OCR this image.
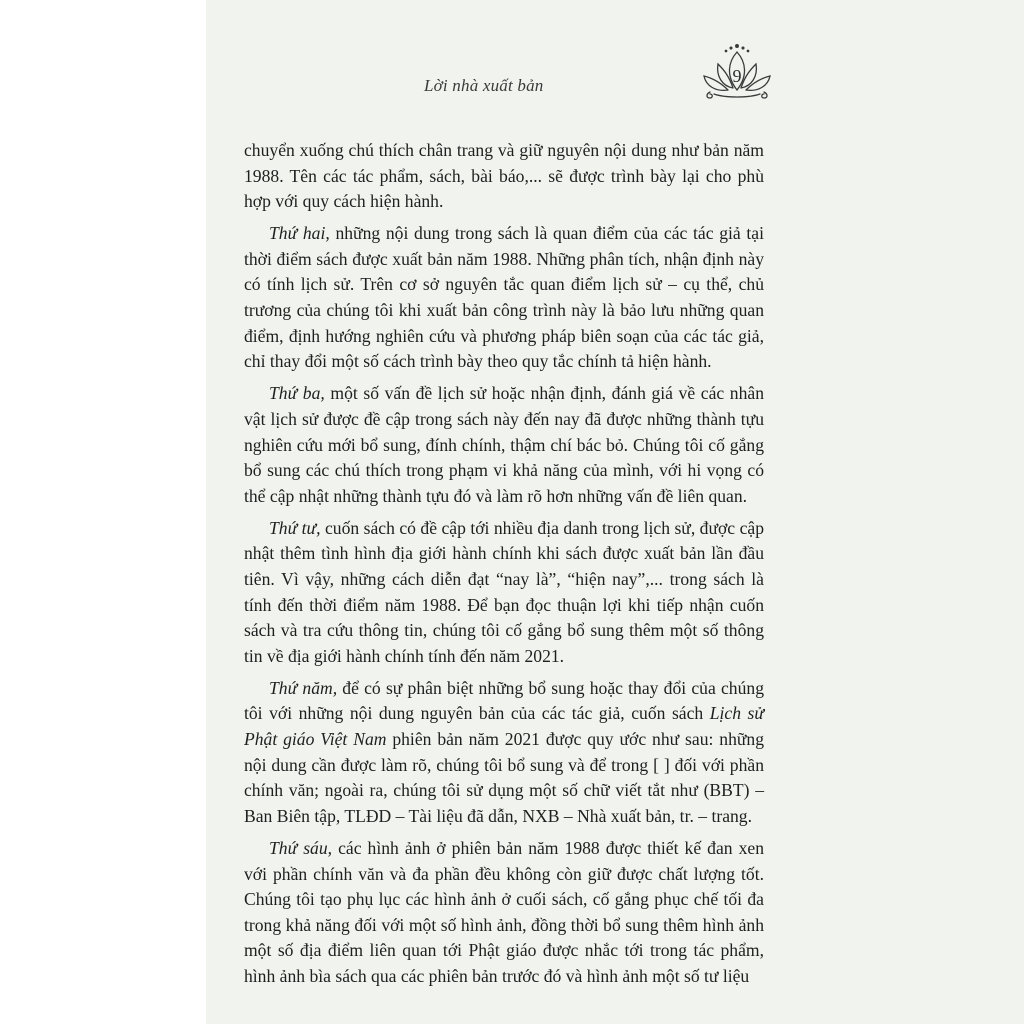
Lời nhà xuất bản	9

chuyển xuống chú thích chân trang và giữ nguyên nội dung như bản năm 1988. Tên các tác phẩm, sách, bài báo,... sẽ được trình bày lại cho phù hợp với quy cách hiện hành.

Thứ hai, những nội dung trong sách là quan điểm của các tác giả tại thời điểm sách được xuất bản năm 1988. Những phân tích, nhận định này có tính lịch sử. Trên cơ sở nguyên tắc quan điểm lịch sử – cụ thể, chủ trương của chúng tôi khi xuất bản công trình này là bảo lưu những quan điểm, định hướng nghiên cứu và phương pháp biên soạn của các tác giả, chỉ thay đổi một số cách trình bày theo quy tắc chính tả hiện hành.

Thứ ba, một số vấn đề lịch sử hoặc nhận định, đánh giá về các nhân vật lịch sử được đề cập trong sách này đến nay đã được những thành tựu nghiên cứu mới bổ sung, đính chính, thậm chí bác bỏ. Chúng tôi cố gắng bổ sung các chú thích trong phạm vi khả năng của mình, với hi vọng có thể cập nhật những thành tựu đó và làm rõ hơn những vấn đề liên quan.

Thứ tư, cuốn sách có đề cập tới nhiều địa danh trong lịch sử, được cập nhật thêm tình hình địa giới hành chính khi sách được xuất bản lần đầu tiên. Vì vậy, những cách diễn đạt “nay là”, “hiện nay”,... trong sách là tính đến thời điểm năm 1988. Để bạn đọc thuận lợi khi tiếp nhận cuốn sách và tra cứu thông tin, chúng tôi cố gắng bổ sung thêm một số thông tin về địa giới hành chính tính đến năm 2021.

Thứ năm, để có sự phân biệt những bổ sung hoặc thay đổi của chúng tôi với những nội dung nguyên bản của các tác giả, cuốn sách Lịch sử Phật giáo Việt Nam phiên bản năm 2021 được quy ước như sau: những nội dung cần được làm rõ, chúng tôi bổ sung và để trong [ ] đối với phần chính văn; ngoài ra, chúng tôi sử dụng một số chữ viết tắt như (BBT) – Ban Biên tập, TLĐD – Tài liệu đã dẫn, NXB – Nhà xuất bản, tr. – trang.

Thứ sáu, các hình ảnh ở phiên bản năm 1988 được thiết kế đan xen với phần chính văn và đa phần đều không còn giữ được chất lượng tốt. Chúng tôi tạo phụ lục các hình ảnh ở cuối sách, cố gắng phục chế tối đa trong khả năng đối với một số hình ảnh, đồng thời bổ sung thêm hình ảnh một số địa điểm liên quan tới Phật giáo được nhắc tới trong tác phẩm, hình ảnh bìa sách qua các phiên bản trước đó và hình ảnh một số tư liệu
